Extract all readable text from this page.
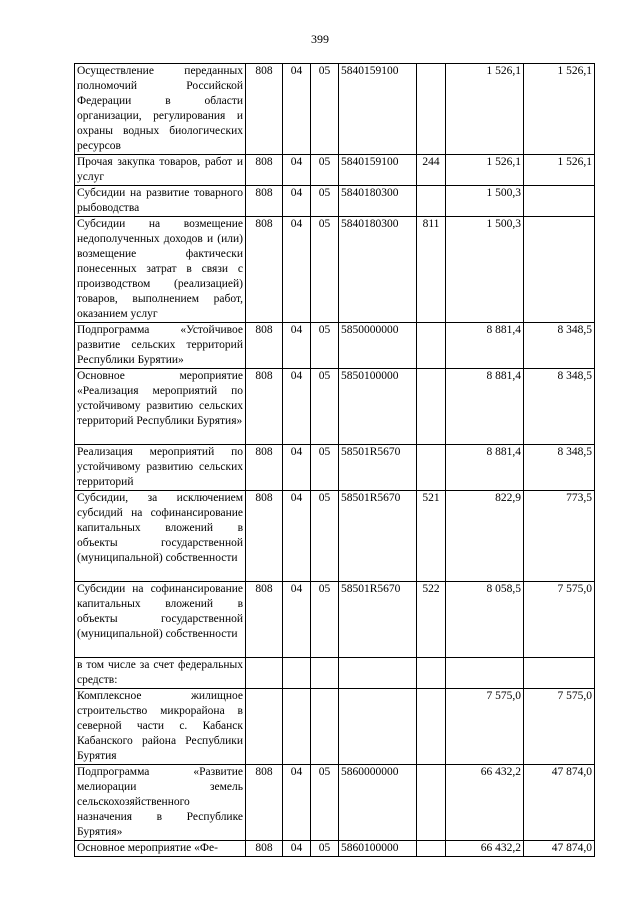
399
Осуществление переданных полномочий Российской Федерации в области организации, регулирования и охраны водных биологических ресурсов	808	04	05	5840159100		1 526,1	1 526,1
Прочая закупка товаров, работ и услуг	808	04	05	5840159100	244	1 526,1	1 526,1
Субсидии на развитие товарного рыбоводства	808	04	05	5840180300		1 500,3	
Субсидии на возмещение недополученных доходов и (или) возмещение фактически понесенных затрат в связи с производством (реализацией) товаров, выполнением работ, оказанием услуг	808	04	05	5840180300	811	1 500,3	
Подпрограмма «Устойчивое развитие сельских территорий Республики Бурятии»	808	04	05	5850000000		8 881,4	8 348,5
Основное мероприятие «Реализация мероприятий по устойчивому развитию сельских территорий Республики Бурятия»	808	04	05	5850100000		8 881,4	8 348,5
Реализация мероприятий по устойчивому развитию сельских территорий	808	04	05	58501R5670		8 881,4	8 348,5
Субсидии, за исключением субсидий на софинансирование капитальных вложений в объекты государственной (муниципальной) собственности	808	04	05	58501R5670	521	822,9	773,5
Субсидии на софинансирование капитальных вложений в объекты государственной (муниципальной) собственности	808	04	05	58501R5670	522	8 058,5	7 575,0
в том числе за счет федеральных средств:							
Комплексное жилищное строительство микрорайона в северной части с. Кабанск Кабанского района Республики Бурятия						7 575,0	7 575,0
Подпрограмма «Развитие мелиорации земель сельскохозяйственного назначения в Республике Бурятия»	808	04	05	5860000000		66 432,2	47 874,0
Основное мероприятие «Фе-	808	04	05	5860100000		66 432,2	47 874,0
